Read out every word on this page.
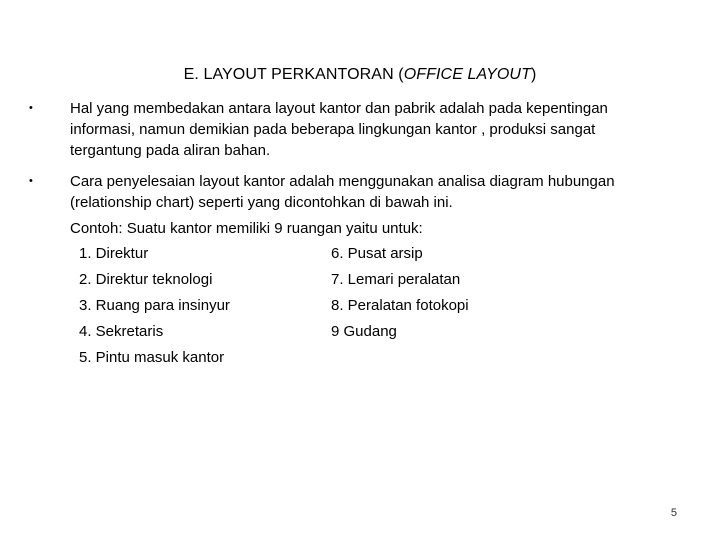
E. LAYOUT PERKANTORAN (OFFICE LAYOUT)
• Hal yang membedakan antara layout kantor dan pabrik adalah pada kepentingan
informasi, namun demikian pada beberapa lingkungan kantor , produksi sangat
tergantung pada aliran bahan.
• Cara penyelesaian layout kantor adalah menggunakan analisa diagram hubungan
(relationship chart) seperti yang dicontohkan di bawah ini.
Contoh: Suatu kantor memiliki 9 ruangan yaitu untuk:
1. Direktur
2. Direktur teknologi
3. Ruang para insinyur
4. Sekretaris
5. Pintu masuk kantor
6. Pusat arsip
7. Lemari peralatan
8. Peralatan fotokopi
9 Gudang
5
